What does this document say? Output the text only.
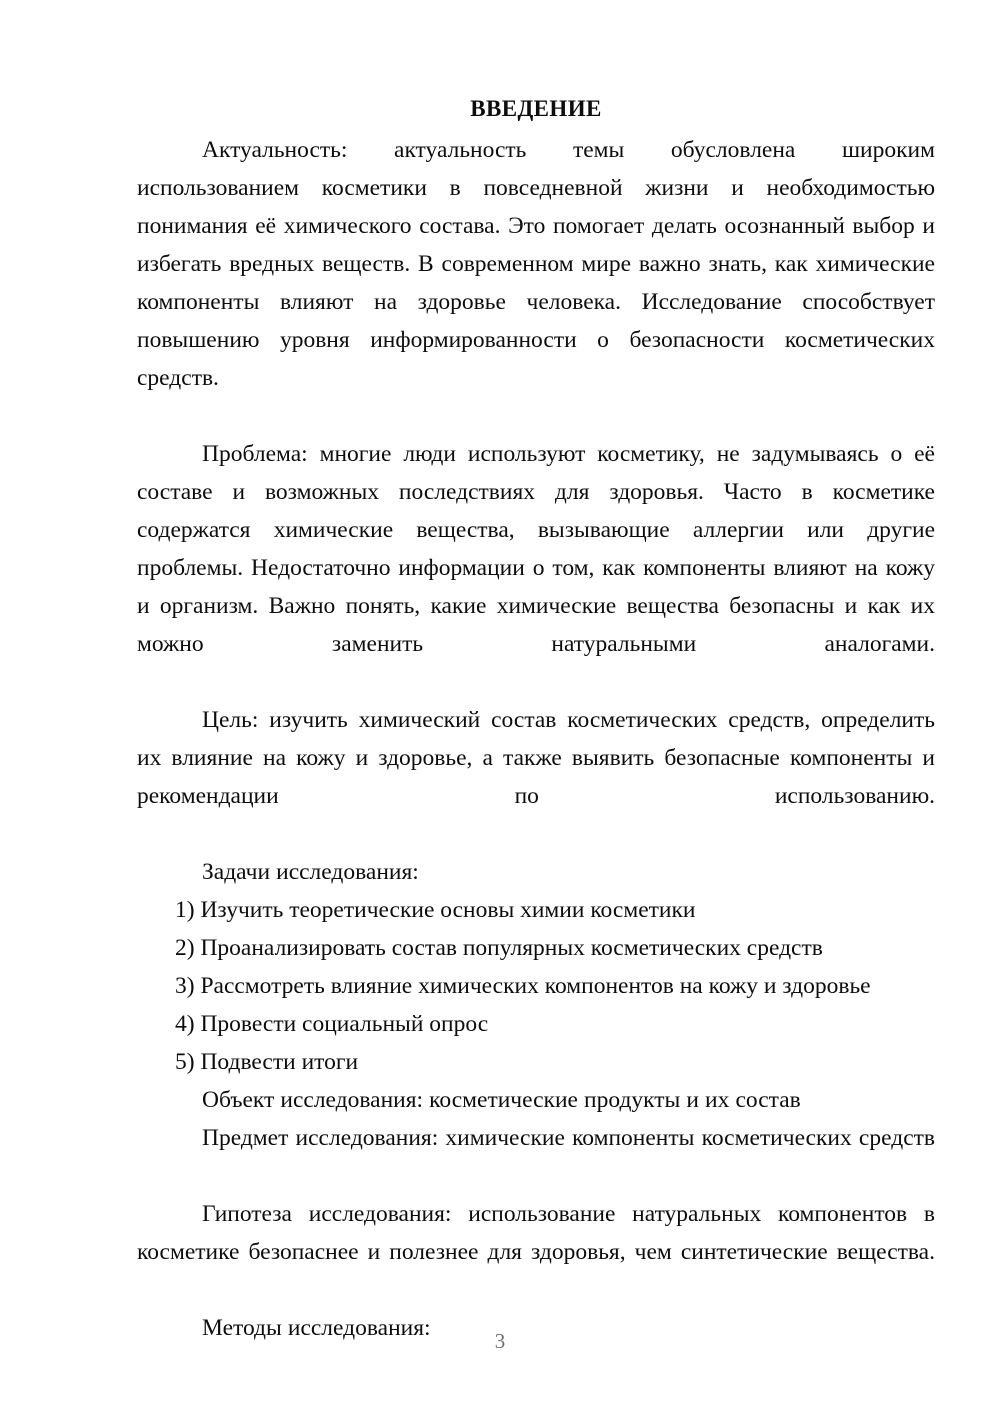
ВВЕДЕНИЕ

Актуальность: актуальность темы обусловлена широким использованием косметики в повседневной жизни и необходимостью понимания её химического состава. Это помогает делать осознанный выбор и избегать вредных веществ. В современном мире важно знать, как химические компоненты влияют на здоровье человека. Исследование способствует повышению уровня информированности о безопасности косметических средств.

Проблема: многие люди используют косметику, не задумываясь о её составе и возможных последствиях для здоровья. Часто в косметике содержатся химические вещества, вызывающие аллергии или другие проблемы. Недостаточно информации о том, как компоненты влияют на кожу и организм. Важно понять, какие химические вещества безопасны и как их можно заменить натуральными аналогами.

Цель: изучить химический состав косметических средств, определить их влияние на кожу и здоровье, а также выявить безопасные компоненты и рекомендации по использованию.

Задачи исследования:

1) Изучить теоретические основы химии косметики
2) Проанализировать состав популярных косметических средств
3) Рассмотреть влияние химических компонентов на кожу и здоровье
4) Провести социальный опрос
5) Подвести итоги

Объект исследования: косметические продукты и их состав

Предмет исследования: химические компоненты косметических средств

Гипотеза исследования: использование натуральных компонентов в косметике безопаснее и полезнее для здоровья, чем синтетические вещества.

Методы исследования:	3
